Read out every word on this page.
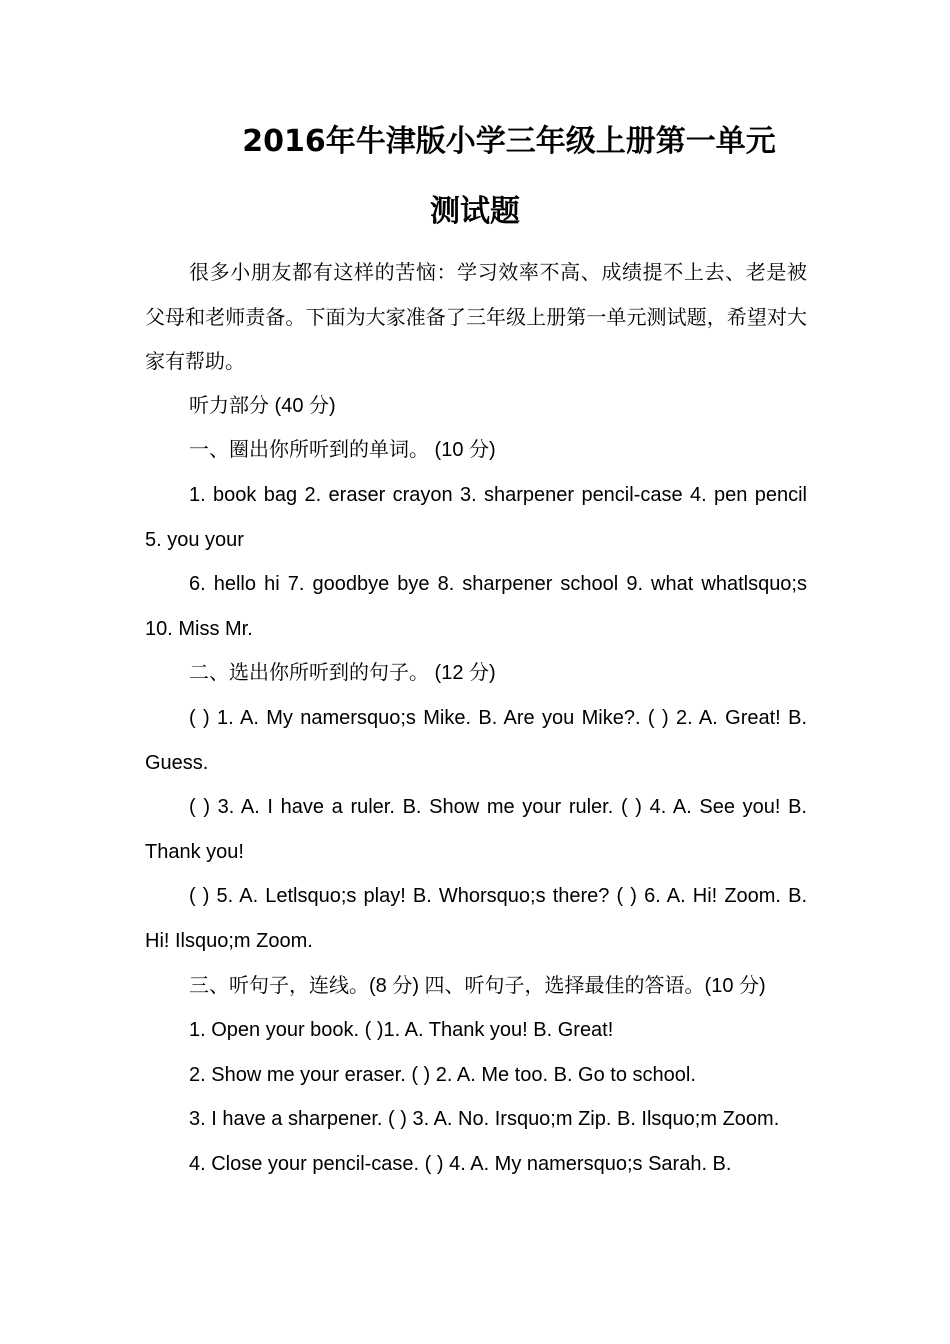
2016年牛津版小学三年级上册第一单元
测试题

很多小朋友都有这样的苦恼：学习效率不高、成绩提不上去、老是被父母和老师责备。下面为大家准备了三年级上册第一单元测试题，希望对大家有帮助。

听力部分 (40 分)

一、圈出你所听到的单词。 (10 分)

1. book bag 2. eraser crayon 3. sharpener pencil-case 4. pen pencil 5. you your

6. hello hi 7. goodbye bye 8. sharpener school 9. what whatlsquo;s 10. Miss Mr.

二、选出你所听到的句子。 (12 分)

( ) 1. A. My namersquo;s Mike. B. Are you Mike?. ( ) 2. A. Great! B. Guess.

( ) 3. A. I have a ruler. B. Show me your ruler. ( ) 4. A. See you! B. Thank you!

( ) 5. A. Letlsquo;s play! B. Whorsquo;s there? ( ) 6. A. Hi! Zoom. B. Hi! Ilsquo;m Zoom.

三、听句子，连线。(8 分) 四、听句子，选择最佳的答语。(10 分)

1. Open your book. ( )1. A. Thank you! B. Great!

2. Show me your eraser. ( ) 2. A. Me too. B. Go to school.

3. I have a sharpener. ( ) 3. A. No. Irsquo;m Zip. B. Ilsquo;m Zoom.

4. Close your pencil-case. ( ) 4. A. My namersquo;s Sarah. B.
